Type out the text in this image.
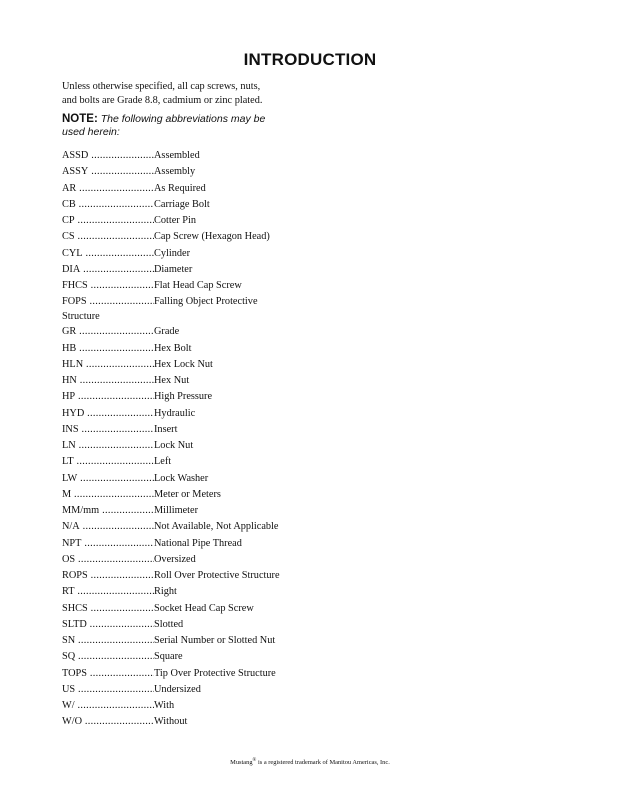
INTRODUCTION
Unless otherwise specified, all cap screws, nuts,
and bolts are Grade 8.8, cadmium or zinc plated.
NOTE: The following abbreviations may be
used herein:
ASSD .....	Assembled
ASSY .....	Assembly
AR .....	As Required
CB .....	Carriage Bolt
CP .....	Cotter Pin
CS .....	Cap Screw (Hexagon Head)
CYL .....	Cylinder
DIA .....	Diameter
FHCS .....	Flat Head Cap Screw
FOPS .....	Falling Object Protective
Structure
GR .....	Grade
HB .....	Hex Bolt
HLN .....	Hex Lock Nut
HN .....	Hex Nut
HP .....	High Pressure
HYD .....	Hydraulic
INS .....	Insert
LN .....	Lock Nut
LT .....	Left
LW .....	Lock Washer
M .....	Meter or Meters
MM/mm .....	Millimeter
N/A .....	Not Available, Not Applicable
NPT .....	National Pipe Thread
OS .....	Oversized
ROPS .....	Roll Over Protective Structure
RT .....	Right
SHCS .....	Socket Head Cap Screw
SLTD .....	Slotted
SN .....	Serial Number or Slotted Nut
SQ .....	Square
TOPS .....	Tip Over Protective Structure
US .....	Undersized
W/ .....	With
W/O .....	Without
Mustang® is a registered trademark of Manitou Americas, Inc.
